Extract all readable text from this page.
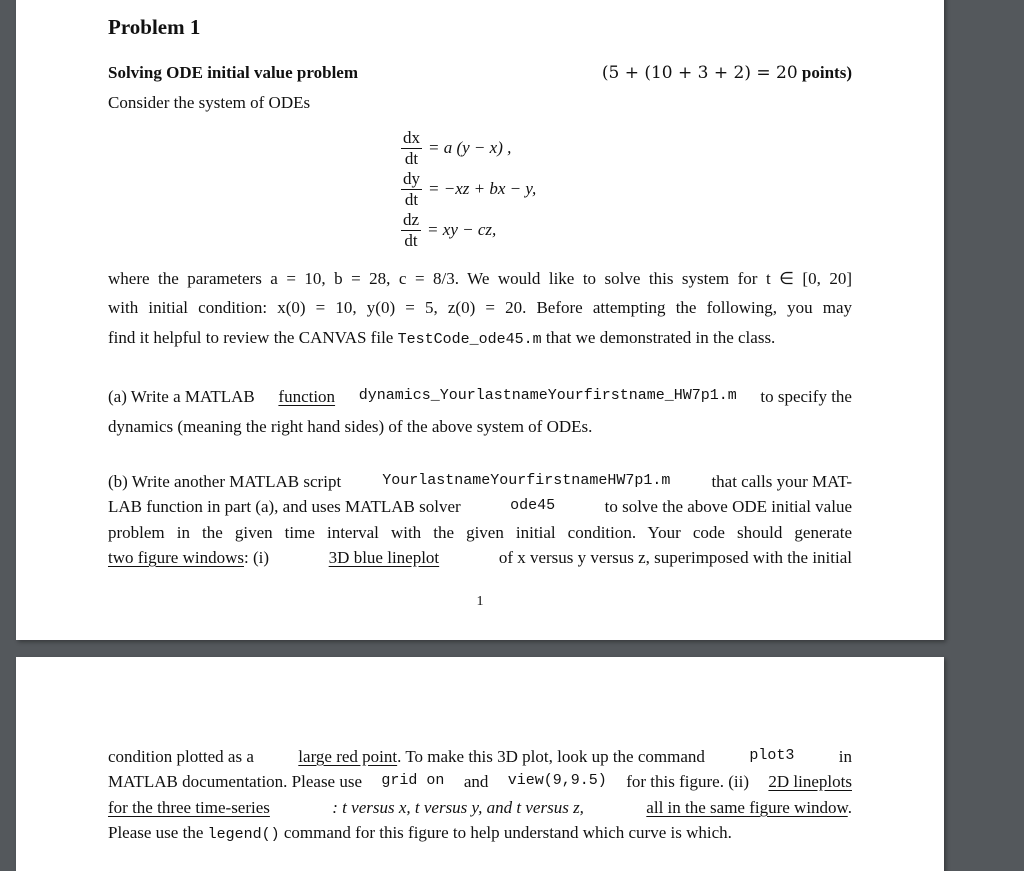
Problem 1
Solving ODE initial value problem	(5 + (10 + 3 + 2) = 20 points)
Consider the system of ODEs
$\frac{dx}{dt} = a$ (y − x) ,
$\frac{dy}{dt} = -xz$ + bx − y,
$\frac{dz}{dt}$ = xy − cz,
where the parameters a = 10, b = 28, c = 8/3. We would like to solve this system for t ∈ [0, 20]
with initial condition: x(0) = 10, y(0) = 5, z(0) = 20. Before attempting the following, you may
find it helpful to review the CANVAS file TestCode_ode45.m that we demonstrated in the class.
(a) Write a MATLAB function dynamics_YourlastnameYourfirstname_HW7p1.m to specify the
dynamics (meaning the right hand sides) of the above system of ODEs.
(b) Write another MATLAB script	YourlastnameYourfirstnameHW7p1.m that calls your MAT-
LAB function in part (a), and uses MATLAB solver	ode45	to solve the above ODE initial value
problem in the given time interval with the given initial condition. Your code should generate
two figure windows: (i)	3D blue lineplot	of x versus y versus z, superimposed with the initial
1
condition plotted as a	large red point. To make this 3D plot, look up the command	plot3	in
MATLAB documentation. Please use grid on and view(9,9.5) for this figure. (ii) 2D lineplots
for the three time-series	: t versus x, t versus y, and t versus z,	all in the same figure window.
Please use the legend() command for this figure to help understand which curve is which.
